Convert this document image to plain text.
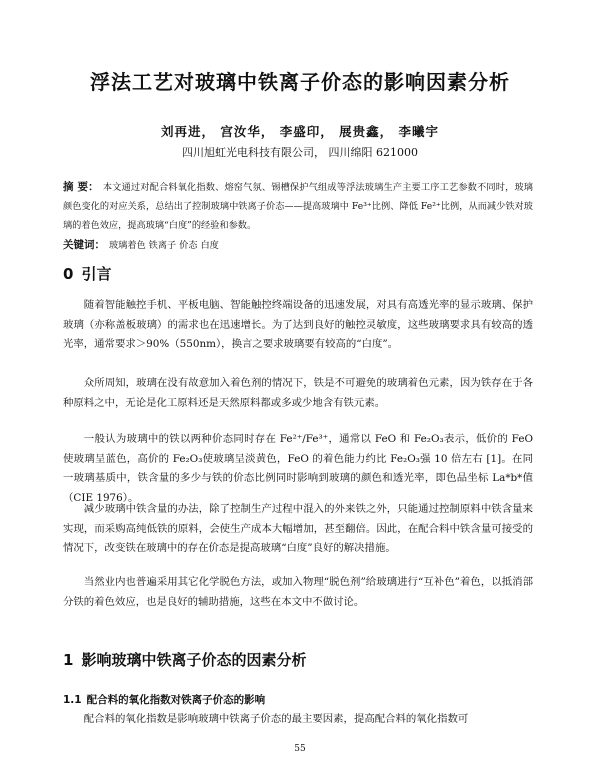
浮法工艺对玻璃中铁离子价态的影响因素分析
刘再进， 宫汝华， 李盛印， 展贵鑫， 李曦宇
四川旭虹光电科技有限公司， 四川绵阳 621000
摘 要： 本文通过对配合料氧化指数、熔窑气氛、锡槽保护气组成等浮法玻璃生产主要工序工艺参数不同时，玻璃颜色变化的对应关系，总结出了控制玻璃中铁离子价态——提高玻璃中 Fe³⁺比例、降低 Fe²⁺比例，从而减少铁对玻璃的着色效应，提高玻璃“白度”的经验和参数。
关键词： 玻璃着色 铁离子 价态 白度
0 引言
随着智能触控手机、平板电脑、智能触控终端设备的迅速发展，对具有高透光率的显示玻璃、保护玻璃（亦称盖板玻璃）的需求也在迅速增长。为了达到良好的触控灵敏度，这些玻璃要求具有较高的透光率，通常要求＞90%（550nm），换言之要求玻璃要有较高的“白度”。
众所周知，玻璃在没有故意加入着色剂的情况下，铁是不可避免的玻璃着色元素，因为铁存在于各种原料之中，无论是化工原料还是天然原料都或多或少地含有铁元素。
一般认为玻璃中的铁以两种价态同时存在 Fe²⁺/Fe³⁺，通常以 FeO 和 Fe₂O₃表示，低价的 FeO 使玻璃呈蓝色，高价的 Fe₂O₃使玻璃呈淡黄色，FeO 的着色能力约比 Fe₂O₃强 10 倍左右 [1]。在同一玻璃基质中，铁含量的多少与铁的价态比例同时影响到玻璃的颜色和透光率，即色品坐标 La*b*值（CIE 1976）。
减少玻璃中铁含量的办法，除了控制生产过程中混入的外来铁之外，只能通过控制原料中铁含量来实现，而采购高纯低铁的原料，会使生产成本大幅增加，甚至翻倍。因此，在配合料中铁含量可接受的情况下，改变铁在玻璃中的存在价态是提高玻璃“白度”良好的解决措施。
当然业内也普遍采用其它化学脱色方法，或加入物理“脱色剂”给玻璃进行“互补色”着色，以抵消部分铁的着色效应，也是良好的辅助措施，这些在本文中不做讨论。
1 影响玻璃中铁离子价态的因素分析
1.1 配合料的氧化指数对铁离子价态的影响
配合料的氧化指数是影响玻璃中铁离子价态的最主要因素，提高配合料的氧化指数可
55
